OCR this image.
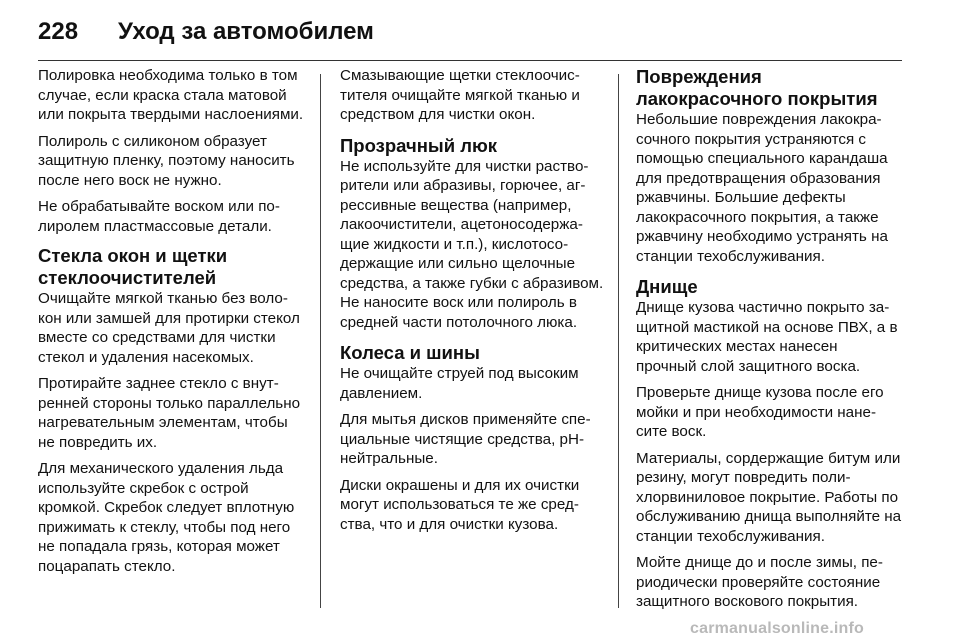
228 Уход за автомобилем

Полировка необходима только в том случае, если краска стала матовой или покрыта твердыми наслоениями.

Полироль с силиконом образует защитную пленку, поэтому наносить после него воск не нужно.

Не обрабатывайте воском или полиролем пластмассовые детали.

Стекла окон и щетки стеклоочистителей

Очищайте мягкой тканью без волокон или замшей для протирки стекол вместе со средствами для чистки стекол и удаления насекомых.

Протирайте заднее стекло с внутренней стороны только параллельно нагревательным элементам, чтобы не повредить их.

Для механического удаления льда используйте скребок с острой кромкой. Скребок следует вплотную прижимать к стеклу, чтобы под него не попадала грязь, которая может поцарапать стекло.

Смазывающие щетки стеклоочистителя очищайте мягкой тканью и средством для чистки окон.

Прозрачный люк

Не используйте для чистки растворители или абразивы, горючее, агрессивные вещества (например, лакоочистители, ацетоносодержащие жидкости и т.п.), кислотосодержащие или сильно щелочные средства, а также губки с абразивом. Не наносите воск или полироль в средней части потолочного люка.

Колеса и шины

Не очищайте струей под высоким давлением.

Для мытья дисков применяйте специальные чистящие средства, pH-нейтральные.

Диски окрашены и для их очистки могут использоваться те же средства, что и для очистки кузова.

Повреждения лакокрасочного покрытия

Небольшие повреждения лакокрасочного покрытия устраняются с помощью специального карандаша для предотвращения образования ржавчины. Большие дефекты лакокрасочного покрытия, а также ржавчину необходимо устранять на станции техобслуживания.

Днище

Днище кузова частично покрыто защитной мастикой на основе ПВХ, а в критических местах нанесен прочный слой защитного воска.

Проверьте днище кузова после его мойки и при необходимости нанесите воск.

Материалы, сордержащие битум или резину, могут повредить полихлорвиниловое покрытие. Работы по обслуживанию днища выполняйте на станции техобслуживания.

Мойте днище до и после зимы, периодически проверяйте состояние защитного воскового покрытия.

carmanualsonline.info
